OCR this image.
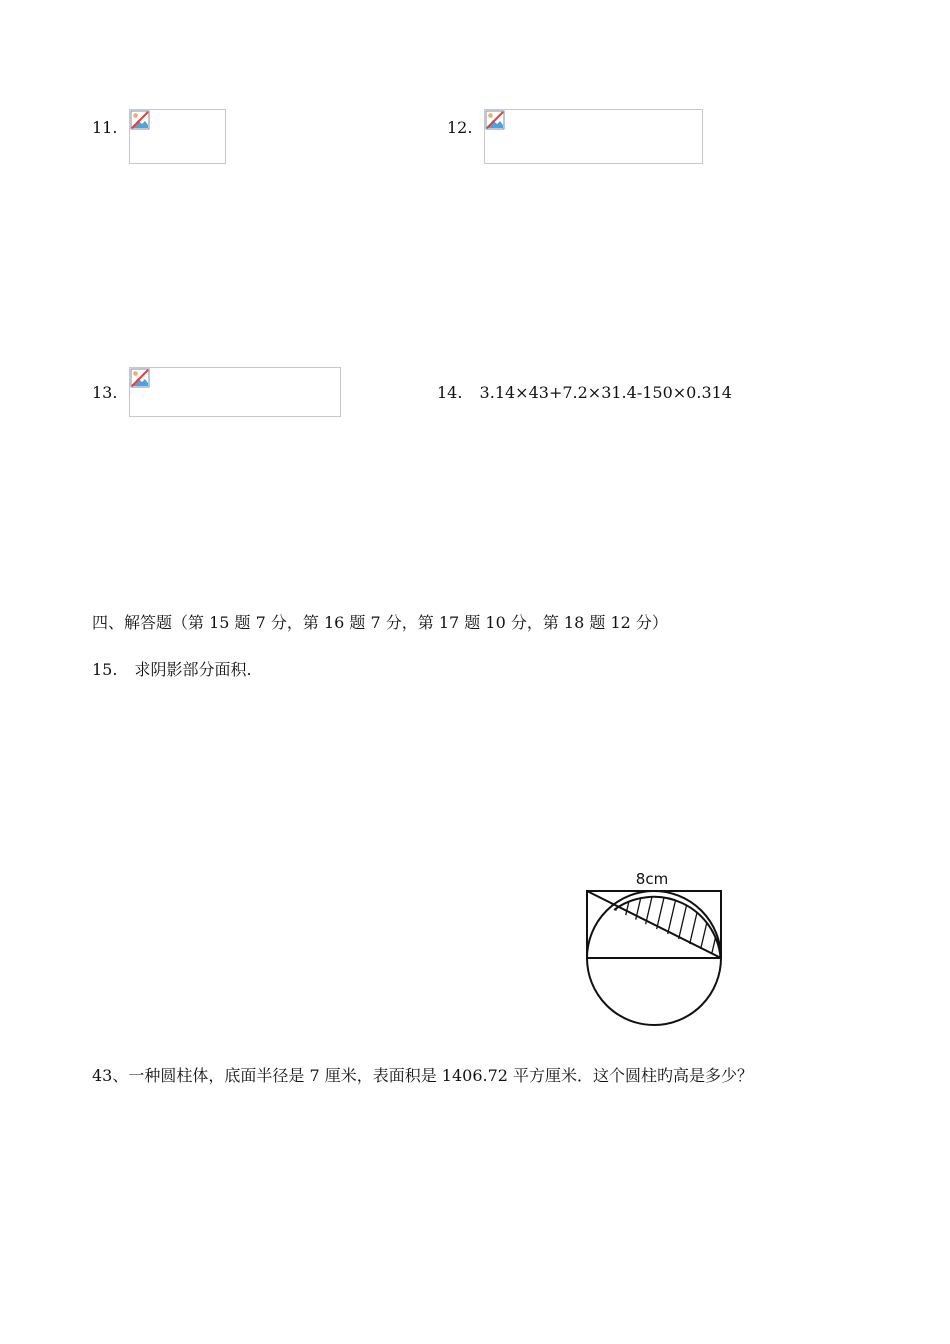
11.	12.
13.	14. 3.14×43+7.2×31.4-150×0.314
四、解答题（第 15 题 7 分，第 16 题 7 分，第 17 题 10 分，第 18 题 12 分）
15. 求阴影部分面积.
8cm
43、一种圆柱体，底面半径是 7 厘米，表面积是 1406.72 平方厘米．这个圆柱旳高是多少？
